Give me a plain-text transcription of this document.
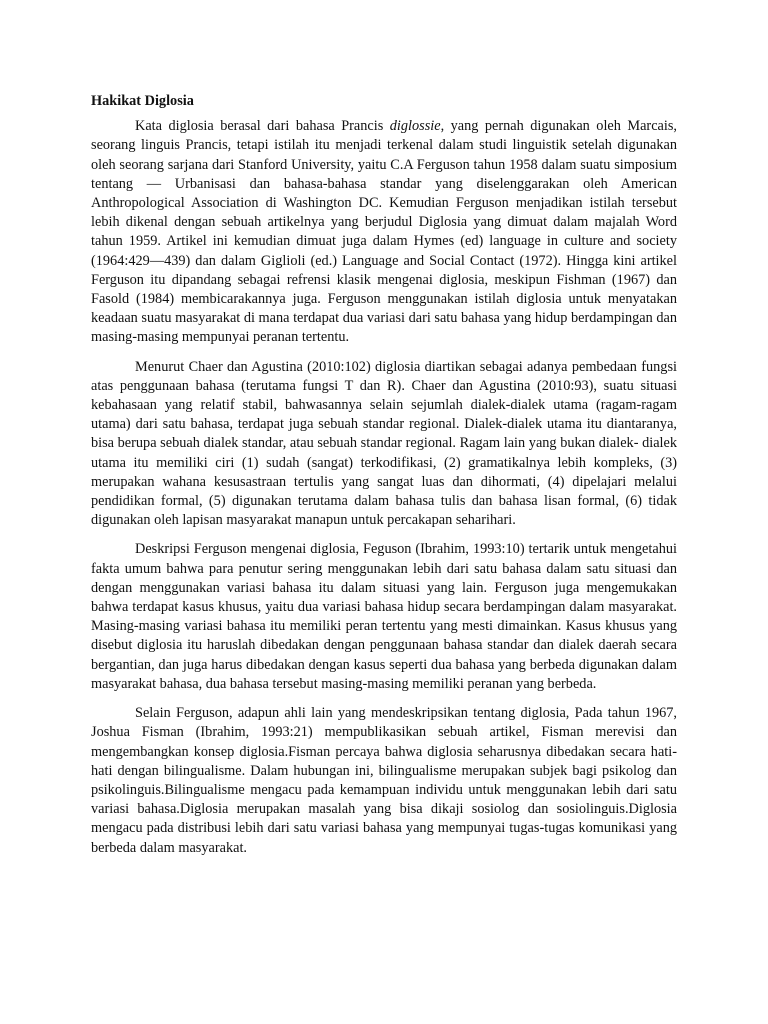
Hakikat Diglosia

Kata diglosia berasal dari bahasa Prancis diglossie, yang pernah digunakan oleh Marcais, seorang linguis Prancis, tetapi istilah itu menjadi terkenal dalam studi linguistik setelah digunakan oleh seorang sarjana dari Stanford University, yaitu C.A Ferguson tahun 1958 dalam suatu simposium tentang — Urbanisasi dan bahasa-bahasa standar yang diselenggarakan oleh American Anthropological Association di Washington DC. Kemudian Ferguson menjadikan istilah tersebut lebih dikenal dengan sebuah artikelnya yang berjudul Diglosia yang dimuat dalam majalah Word tahun 1959. Artikel ini kemudian dimuat juga dalam Hymes (ed) language in culture and society (1964:429—439) dan dalam Giglioli (ed.) Language and Social Contact (1972). Hingga kini artikel Ferguson itu dipandang sebagai refrensi klasik mengenai diglosia, meskipun Fishman (1967) dan Fasold (1984) membicarakannya juga. Ferguson menggunakan istilah diglosia untuk menyatakan keadaan suatu masyarakat di mana terdapat dua variasi dari satu bahasa yang hidup berdampingan dan masing-masing mempunyai peranan tertentu.

Menurut Chaer dan Agustina (2010:102) diglosia diartikan sebagai adanya pembedaan fungsi atas penggunaan bahasa (terutama fungsi T dan R). Chaer dan Agustina (2010:93), suatu situasi kebahasaan yang relatif stabil, bahwasannya selain sejumlah dialek-dialek utama (ragam-ragam utama) dari satu bahasa, terdapat juga sebuah standar regional. Dialek-dialek utama itu diantaranya, bisa berupa sebuah dialek standar, atau sebuah standar regional. Ragam lain yang bukan dialek- dialek utama itu memiliki ciri (1) sudah (sangat) terkodifikasi, (2) gramatikalnya lebih kompleks, (3) merupakan wahana kesusastraan tertulis yang sangat luas dan dihormati, (4) dipelajari melalui pendidikan formal, (5) digunakan terutama dalam bahasa tulis dan bahasa lisan formal, (6) tidak digunakan oleh lapisan masyarakat manapun untuk percakapan seharihari.

Deskripsi Ferguson mengenai diglosia, Feguson (Ibrahim, 1993:10) tertarik untuk mengetahui fakta umum bahwa para penutur sering menggunakan lebih dari satu bahasa dalam satu situasi dan dengan menggunakan variasi bahasa itu dalam situasi yang lain. Ferguson juga mengemukakan bahwa terdapat kasus khusus, yaitu dua variasi bahasa hidup secara berdampingan dalam masyarakat. Masing-masing variasi bahasa itu memiliki peran tertentu yang mesti dimainkan. Kasus khusus yang disebut diglosia itu haruslah dibedakan dengan penggunaan bahasa standar dan dialek daerah secara bergantian, dan juga harus dibedakan dengan kasus seperti dua bahasa yang berbeda digunakan dalam masyarakat bahasa, dua bahasa tersebut masing-masing memiliki peranan yang berbeda.

Selain Ferguson, adapun ahli lain yang mendeskripsikan tentang diglosia, Pada tahun 1967, Joshua Fisman (Ibrahim, 1993:21) mempublikasikan sebuah artikel, Fisman merevisi dan mengembangkan konsep diglosia.Fisman percaya bahwa diglosia seharusnya dibedakan secara hati-hati dengan bilingualisme. Dalam hubungan ini, bilingualisme merupakan subjek bagi psikolog dan psikolinguis.Bilingualisme mengacu pada kemampuan individu untuk menggunakan lebih dari satu variasi bahasa.Diglosia merupakan masalah yang bisa dikaji sosiolog dan sosiolinguis.Diglosia mengacu pada distribusi lebih dari satu variasi bahasa yang mempunyai tugas-tugas komunikasi yang berbeda dalam masyarakat.
